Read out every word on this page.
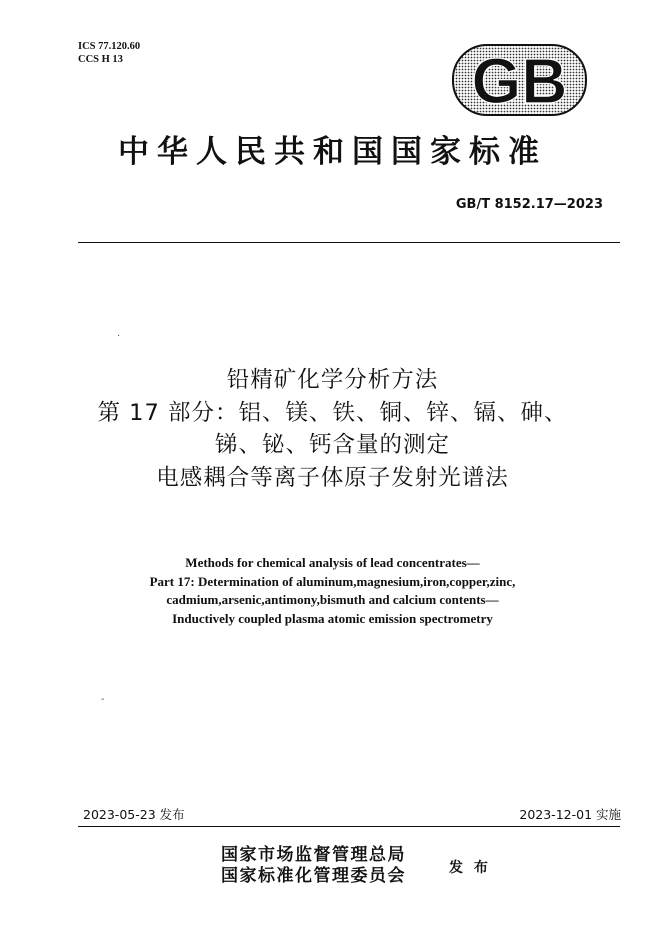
ICS 77.120.60
CCS H 13	GB
中华人民共和国国家标准
GB/T 8152.17—2023
.
铅精矿化学分析方法
第 17 部分：铝、镁、铁、铜、锌、镉、砷、
锑、铋、钙含量的测定
电感耦合等离子体原子发射光谱法
Methods for chemical analysis of lead concentrates—
Part 17: Determination of aluminum,magnesium,iron,copper,zinc,
cadmium,arsenic,antimony,bismuth and calcium contents—
Inductively coupled plasma atomic emission spectrometry
-
2023-05-23 发布	2023-12-01 实施
国家市场监督管理总局
国家标准化管理委员会	发 布
